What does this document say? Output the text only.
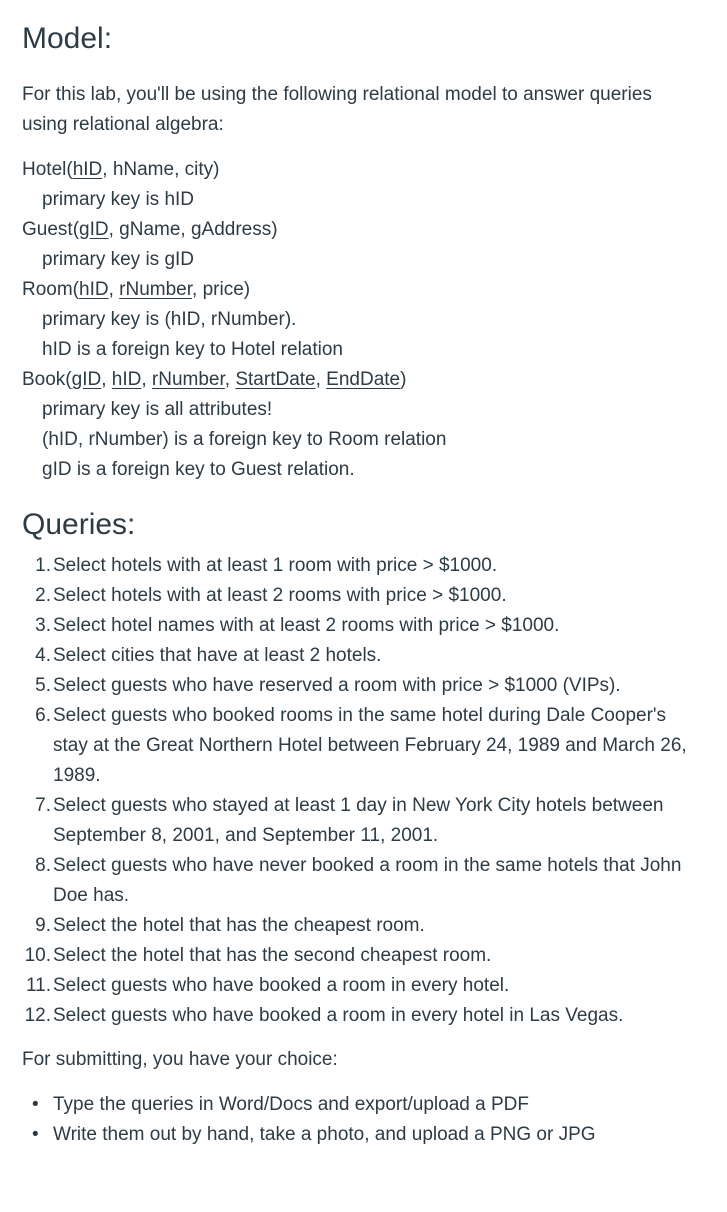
Model:

For this lab, you'll be using the following relational model to answer queries using relational algebra:

Hotel(hID, hName, city)
primary key is hID
Guest(gID, gName, gAddress)
primary key is gID
Room(hID, rNumber, price)
primary key is (hID, rNumber).
hID is a foreign key to Hotel relation
Book(gID, hID, rNumber, StartDate, EndDate)
primary key is all attributes!
(hID, rNumber) is a foreign key to Room relation
gID is a foreign key to Guest relation.
Queries:
1. Select hotels with at least 1 room with price > $1000.
2. Select hotels with at least 2 rooms with price > $1000.
3. Select hotel names with at least 2 rooms with price > $1000.
4. Select cities that have at least 2 hotels.
5. Select guests who have reserved a room with price > $1000 (VIPs).
6. Select guests who booked rooms in the same hotel during Dale Cooper's stay at the Great Northern Hotel between February 24, 1989 and March 26, 1989.
7. Select guests who stayed at least 1 day in New York City hotels between September 8, 2001, and September 11, 2001.
8. Select guests who have never booked a room in the same hotels that John Doe has.
9. Select the hotel that has the cheapest room.
10. Select the hotel that has the second cheapest room.
11. Select guests who have booked a room in every hotel.
12. Select guests who have booked a room in every hotel in Las Vegas.

For submitting, you have your choice:

• Type the queries in Word/Docs and export/upload a PDF
• Write them out by hand, take a photo, and upload a PNG or JPG
